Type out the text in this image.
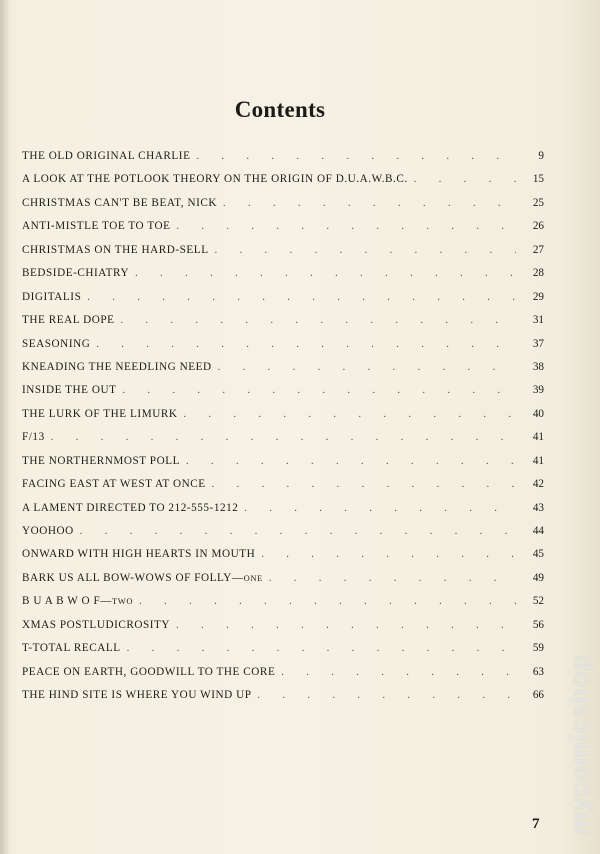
Contents
THE OLD ORIGINAL CHARLIE . . .	9
A LOOK AT THE POTLOOK THEORY ON THE ORIGIN OF D.U.A.W.B.C. . . .	15
CHRISTMAS CAN'T BE BEAT, NICK . . .	25
ANTI-MISTLE TOE TO TOE . . .	26
CHRISTMAS ON THE HARD-SELL . . .	27
BEDSIDE-CHIATRY . . .	28
DIGITALIS . . .	29
THE REAL DOPE . . .	31
SEASONING . . .	37
KNEADING THE NEEDLING NEED . . .	38
INSIDE THE OUT . . .	39
THE LURK OF THE LIMURK . . .	40
F/13 . . .	41
THE NORTHERNMOST POLL . . .	41
FACING EAST AT WEST AT ONCE . . .	42
A LAMENT DIRECTED TO 212-555-1212 . . .	43
YOOHOO . . .	44
ONWARD WITH HIGH HEARTS IN MOUTH . . .	45
BARK US ALL BOW-WOWS OF FOLLY—ONE . . .	49
B U A B W O F—TWO . . .	52
XMAS POSTLUDICROSITY . . .	56
T-TOTAL RECALL . . .	59
PEACE ON EARTH, GOODWILL TO THE CORE . . .	63
THE HIND SITE IS WHERE YOU WIND UP . . .	66
7 mycomicshop
